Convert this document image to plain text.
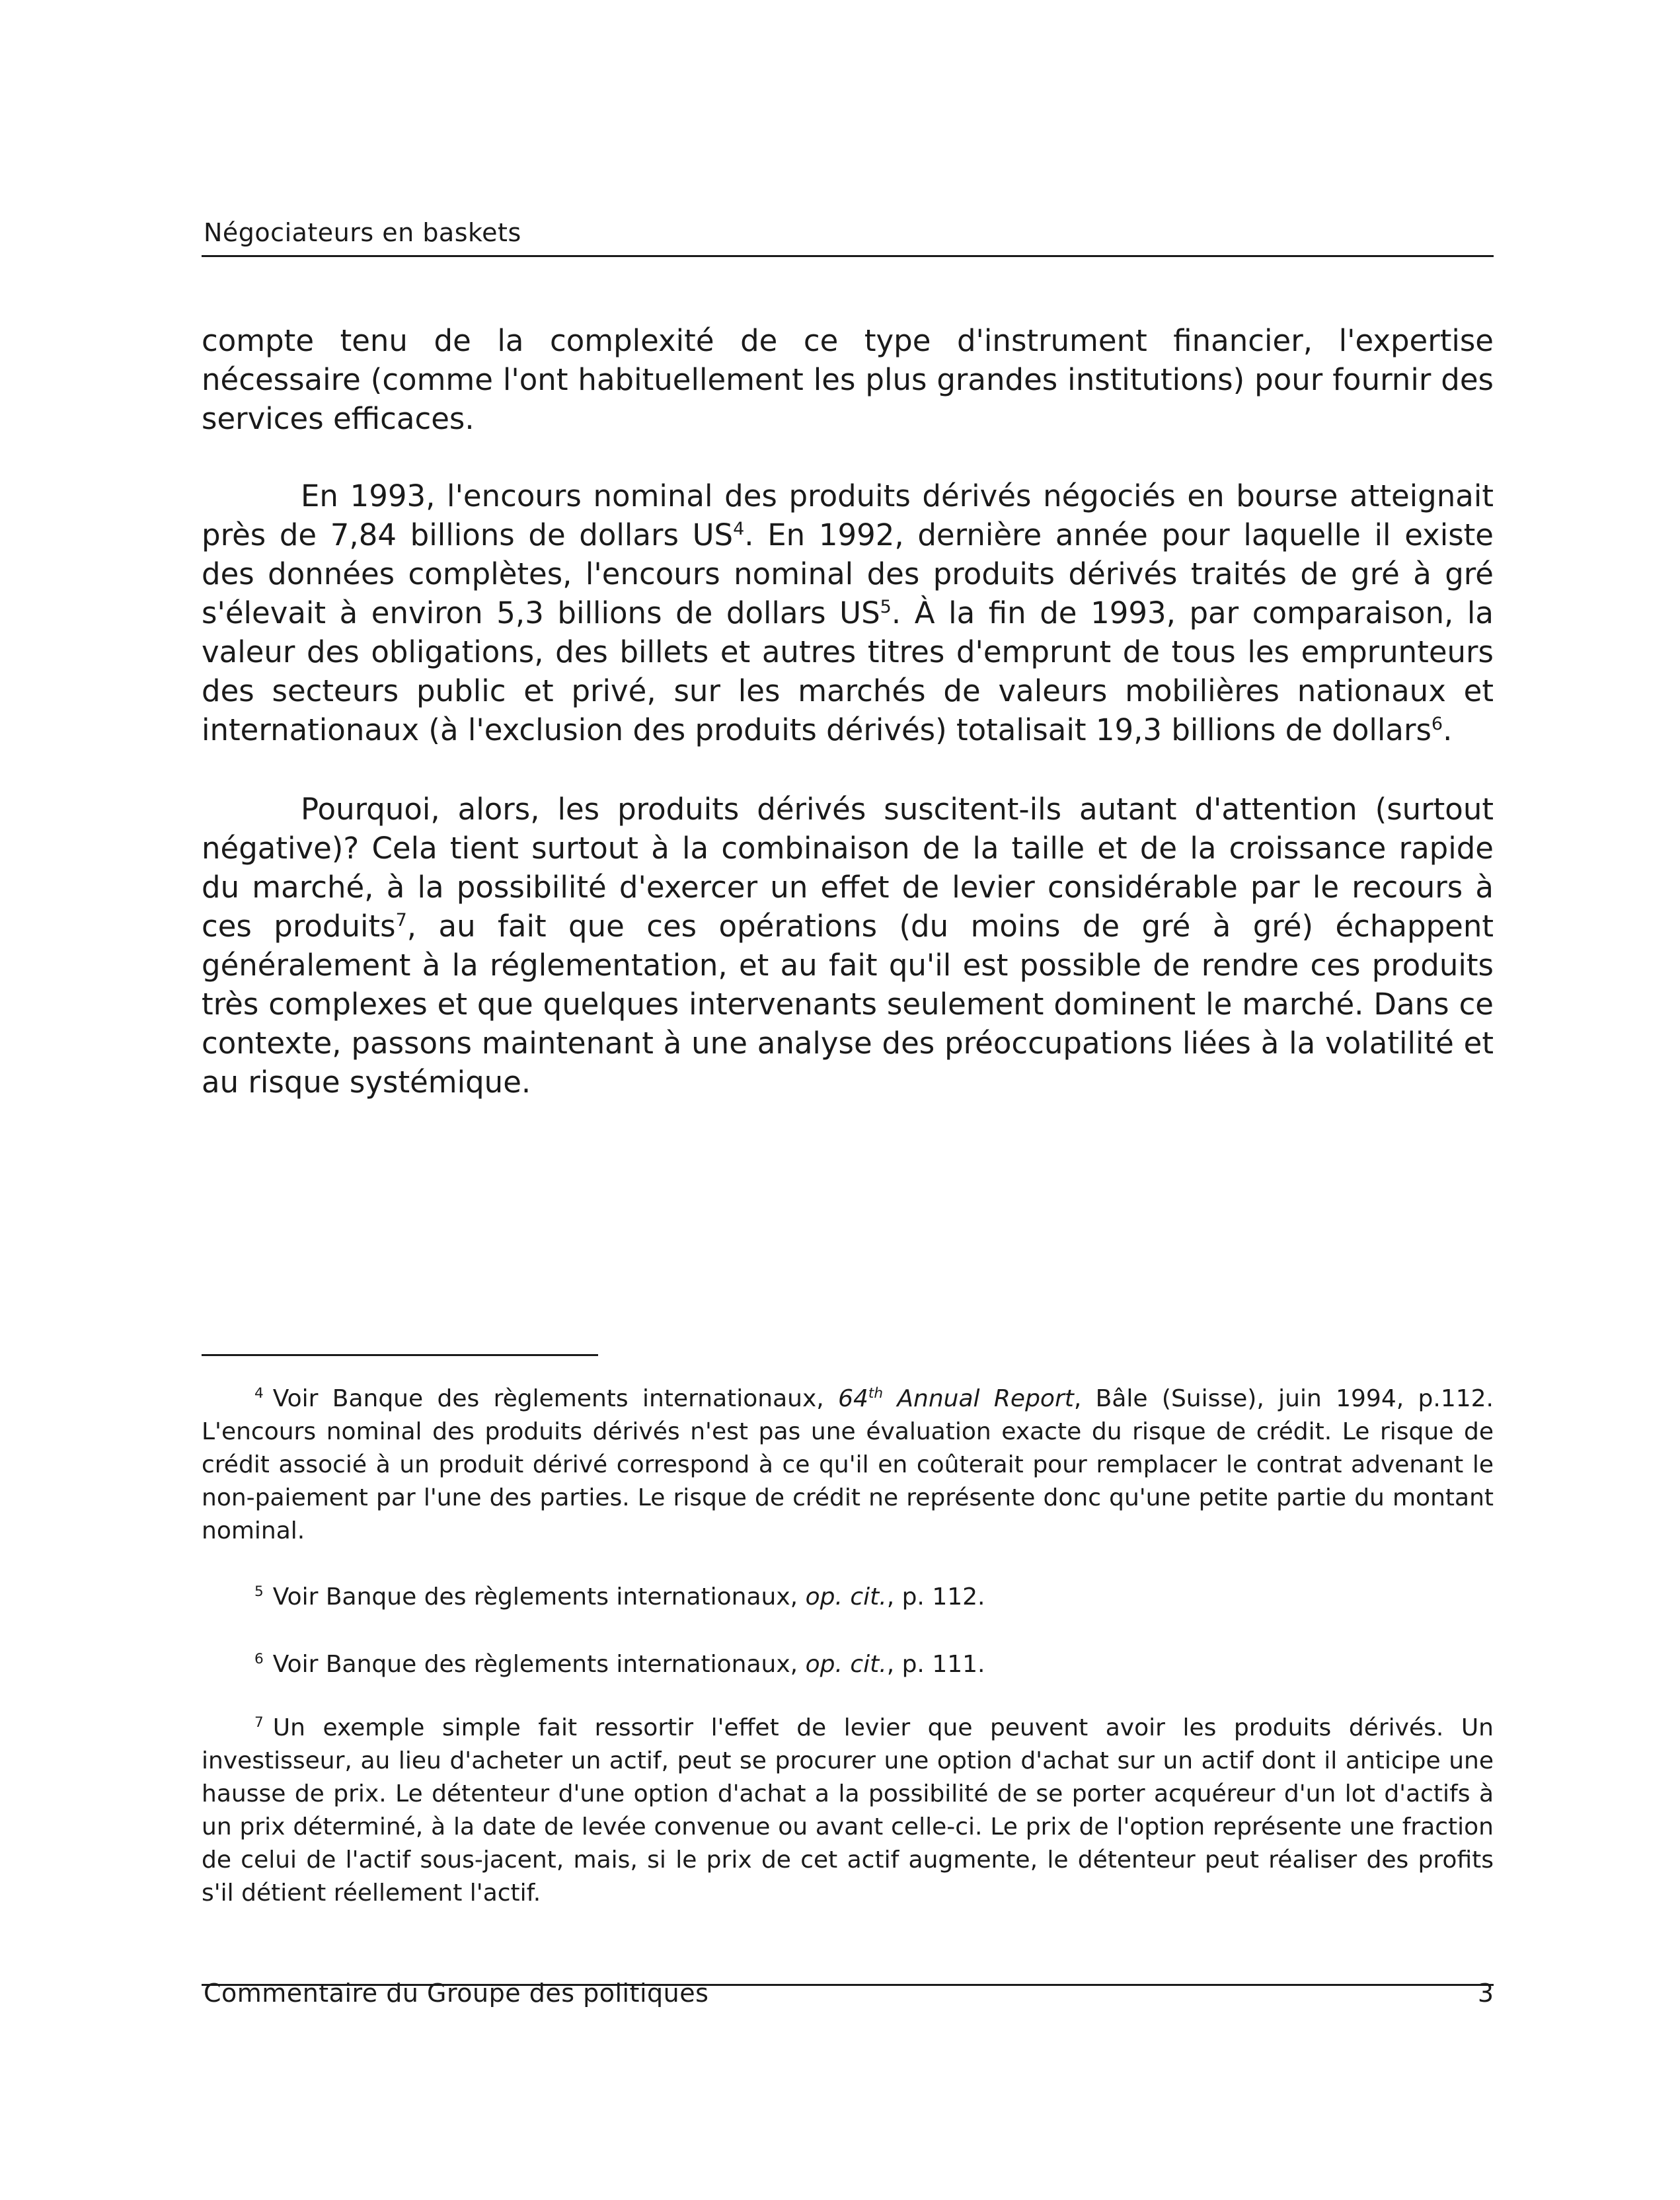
Négociateurs en baskets

compte tenu de la complexité de ce type d'instrument financier, l'expertise nécessaire (comme l'ont habituellement les plus grandes institutions) pour fournir des services efficaces.

En 1993, l'encours nominal des produits dérivés négociés en bourse atteignait près de 7,84 billions de dollars $US^4$. En 1992, dernière année pour laquelle il existe des données complètes, l'encours nominal des produits dérivés traités de gré à gré s'élevait à environ 5,3 billions de dollars $US^5$. À la fin de 1993, par comparaison, la valeur des obligations, des billets et autres titres d'emprunt de tous les emprunteurs des secteurs public et privé, sur les marchés de valeurs mobilières nationaux et internationaux (à l'exclusion des produits dérivés) totalisait 19,3 billions de dollars$^6$.

Pourquoi, alors, les produits dérivés suscitent-ils autant d'attention (surtout négative)? Cela tient surtout à la combinaison de la taille et de la croissance rapide du marché, à la possibilité d'exercer un effet de levier considérable par le recours à ces produits$^7$, au fait que ces opérations (du moins de gré à gré) échappent généralement à la réglementation, et au fait qu'il est possible de rendre ces produits très complexes et que quelques intervenants seulement dominent le marché. Dans ce contexte, passons maintenant à une analyse des préoccupations liées à la volatilité et au risque systémique.

$^4$ Voir Banque des règlements internationaux, 64th Annual Report, Bâle (Suisse), juin 1994, p.112. L'encours nominal des produits dérivés n'est pas une évaluation exacte du risque de crédit. Le risque de crédit associé à un produit dérivé correspond à ce qu'il en coûterait pour remplacer le contrat advenant le non-paiement par l'une des parties. Le risque de crédit ne représente donc qu'une petite partie du montant nominal.

$^5$ Voir Banque des règlements internationaux, op. cit., p. 112.

$^6$ Voir Banque des règlements internationaux, op. cit., p. 111.

$^7$ Un exemple simple fait ressortir l'effet de levier que peuvent avoir les produits dérivés. Un investisseur, au lieu d'acheter un actif, peut se procurer une option d'achat sur un actif dont il anticipe une hausse de prix. Le détenteur d'une option d'achat a la possibilité de se porter acquéreur d'un lot d'actifs à un prix déterminé, à la date de levée convenue ou avant celle-ci. Le prix de l'option représente une fraction de celui de l'actif sous-jacent, mais, si le prix de cet actif augmente, le détenteur peut réaliser des profits s'il détient réellement l'actif.

Commentaire du Groupe des politiques	3
